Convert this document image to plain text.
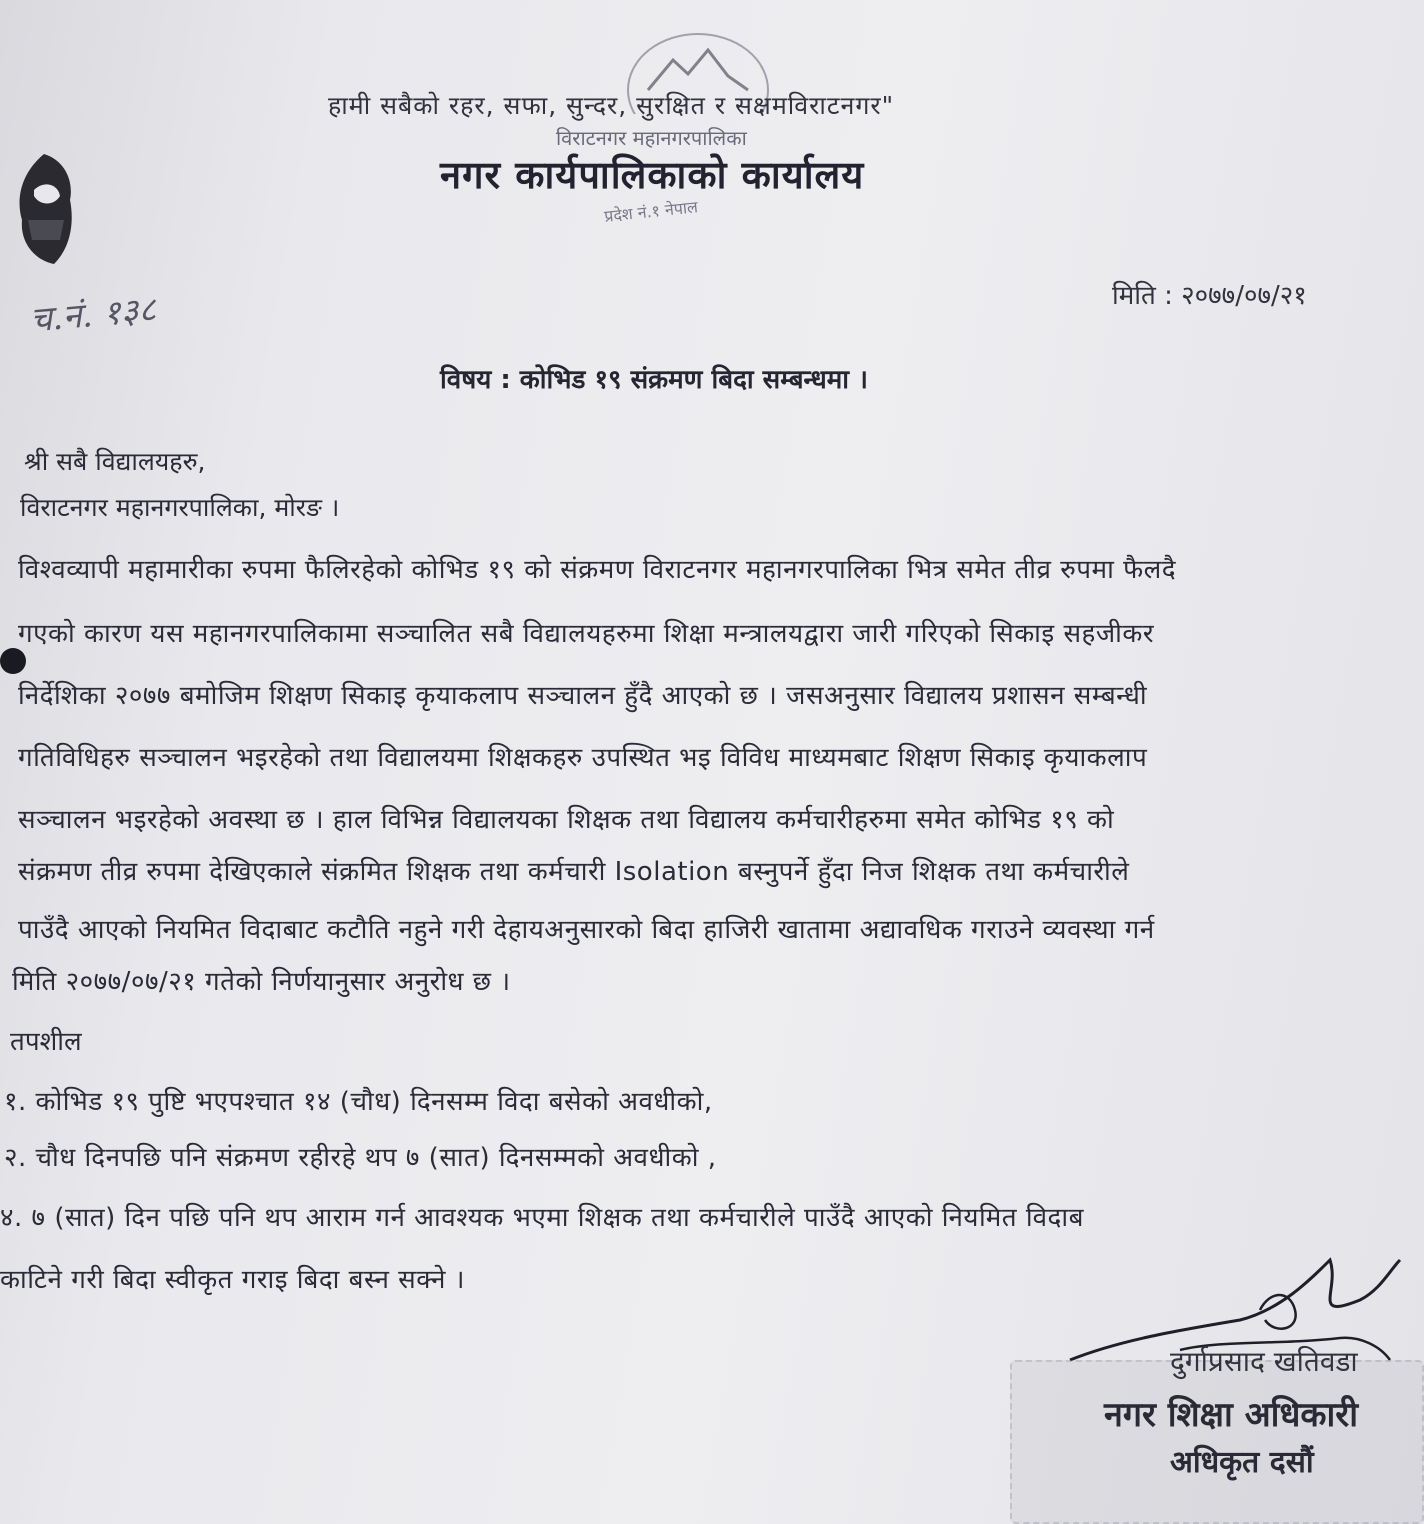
हामी सबैको रहर, सफा, सुन्दर, सुरक्षित र सक्षमविराटनगर"
विराटनगर महानगरपालिका
नगर कार्यपालिकाको कार्यालय
प्रदेश नं.१ नेपाल
च.नं. १३८	मिति : २०७७/०७/२१
विषय : कोभिड १९ संक्रमण बिदा सम्बन्धमा ।
श्री सबै विद्यालयहरु,
विराटनगर महानगरपालिका, मोरङ ।
विश्वव्यापी महामारीका रुपमा फैलिरहेको कोभिड १९ को संक्रमण विराटनगर महानगरपालिका भित्र समेत तीव्र रुपमा फैलदै
गएको कारण यस महानगरपालिकामा सञ्चालित सबै विद्यालयहरुमा शिक्षा मन्त्रालयद्वारा जारी गरिएको सिकाइ सहजीकर
निर्देशिका २०७७ बमोजिम शिक्षण सिकाइ कृयाकलाप सञ्चालन हुँदै आएको छ । जसअनुसार विद्यालय प्रशासन सम्बन्धी
गतिविधिहरु सञ्चालन भइरहेको तथा विद्यालयमा शिक्षकहरु उपस्थित भइ विविध माध्यमबाट शिक्षण सिकाइ कृयाकलाप
सञ्चालन भइरहेको अवस्था छ । हाल विभिन्न विद्यालयका शिक्षक तथा विद्यालय कर्मचारीहरुमा समेत कोभिड १९ को
संक्रमण तीव्र रुपमा देखिएकाले संक्रमित शिक्षक तथा कर्मचारी Isolation बस्नुपर्ने हुँदा निज शिक्षक तथा कर्मचारीले
पाउँदै आएको नियमित विदाबाट कटौति नहुने गरी देहायअनुसारको बिदा हाजिरी खातामा अद्यावधिक गराउने व्यवस्था गर्न
मिति २०७७/०७/२१ गतेको निर्णयानुसार अनुरोध छ ।
तपशील
१. कोभिड १९ पुष्टि भएपश्चात १४ (चौध) दिनसम्म विदा बसेको अवधीको,
२. चौध दिनपछि पनि संक्रमण रहीरहे थप ७ (सात) दिनसम्मको अवधीको ,
४. ७ (सात) दिन पछि पनि थप आराम गर्न आवश्यक भएमा शिक्षक तथा कर्मचारीले पाउँदै आएको नियमित विदाब
काटिने गरी बिदा स्वीकृत गराइ बिदा बस्न सक्ने ।
दुर्गाप्रसाद खतिवडा
नगर शिक्षा अधिकारी
अधिकृत दसौं
